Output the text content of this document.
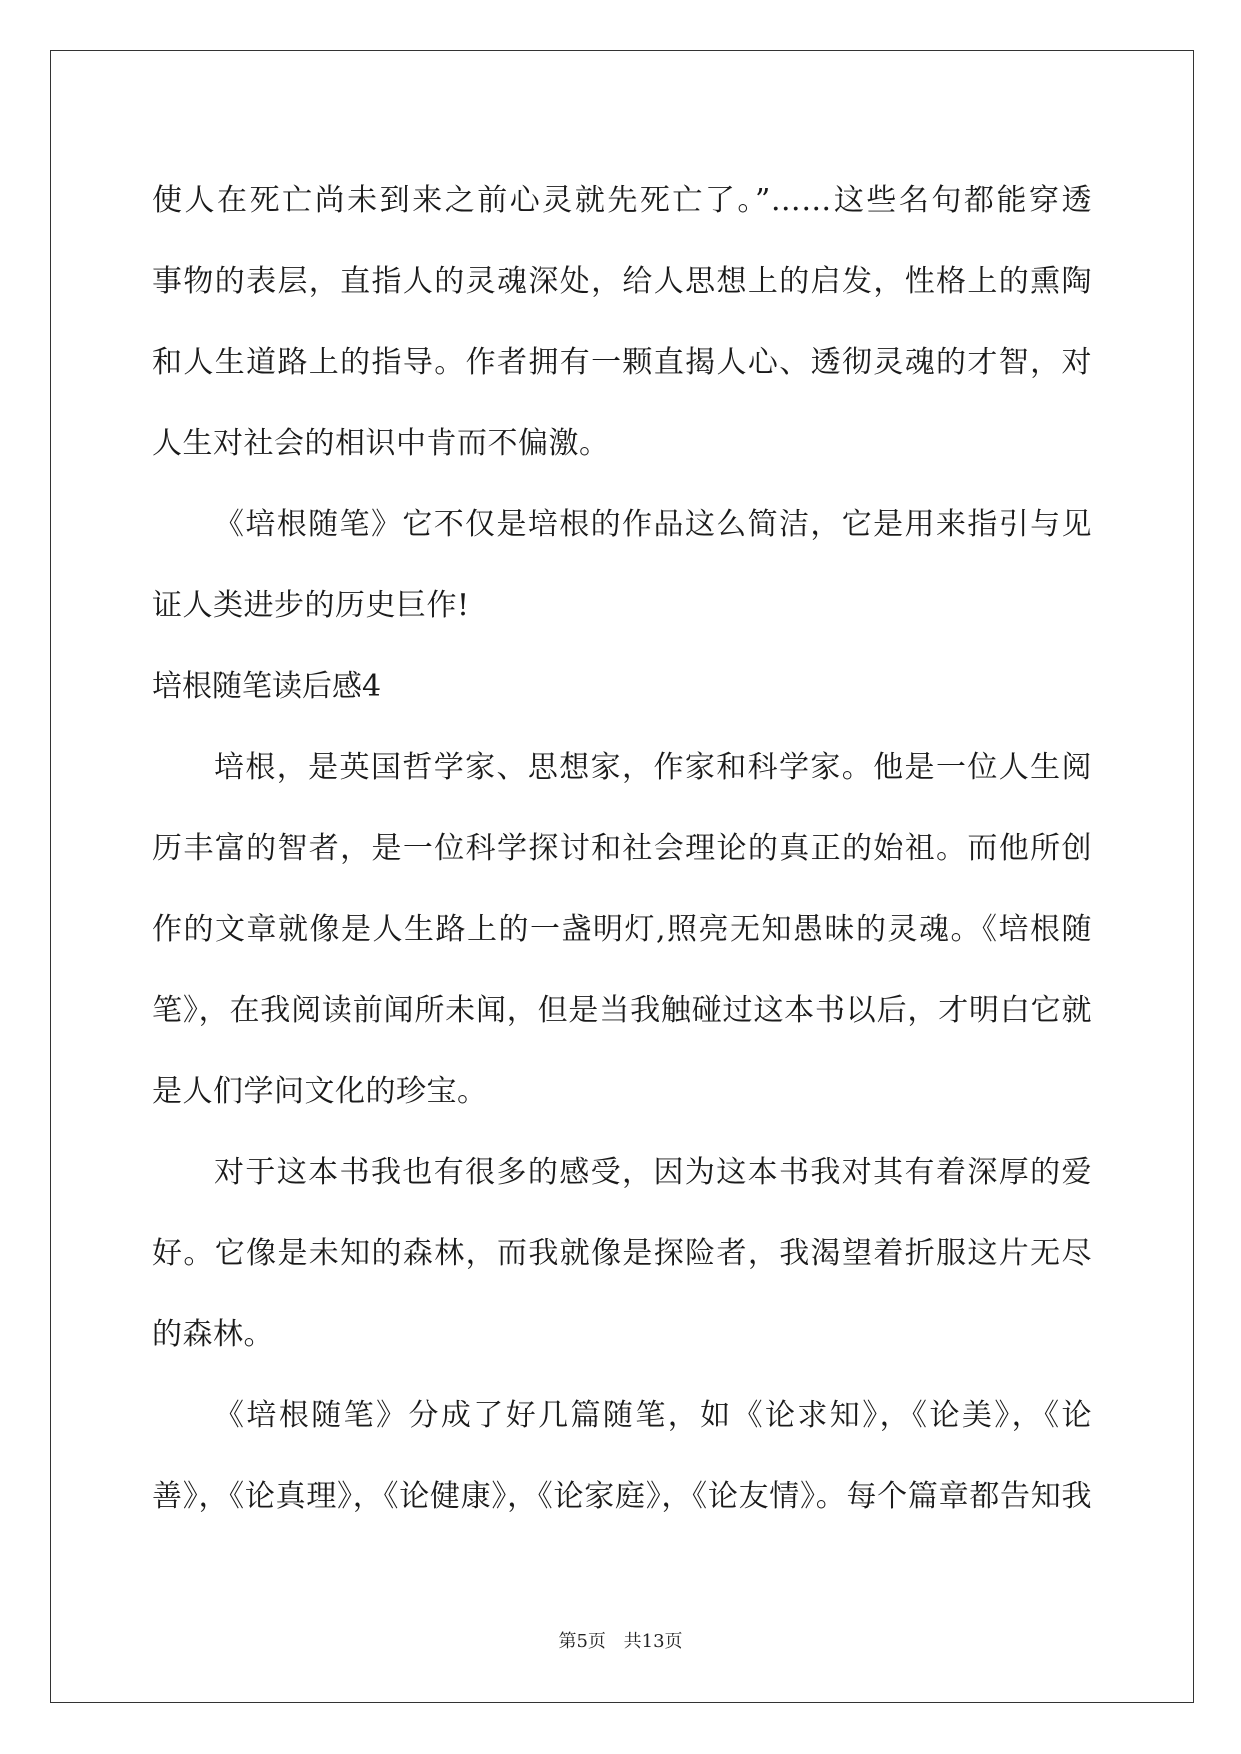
使人在死亡尚未到来之前心灵就先死亡了。”……这些名句都能穿透
事物的表层，直指人的灵魂深处，给人思想上的启发，性格上的熏陶
和人生道路上的指导。作者拥有一颗直揭人心、透彻灵魂的才智，对
人生对社会的相识中肯而不偏激。
《培根随笔》它不仅是培根的作品这么简洁，它是用来指引与见
证人类进步的历史巨作!
培根随笔读后感4
培根，是英国哲学家、思想家，作家和科学家。他是一位人生阅
历丰富的智者，是一位科学探讨和社会理论的真正的始祖。而他所创
作的文章就像是人生路上的一盏明灯,照亮无知愚昧的灵魂。《培根随
笔》，在我阅读前闻所未闻，但是当我触碰过这本书以后，才明白它就
是人们学问文化的珍宝。
对于这本书我也有很多的感受，因为这本书我对其有着深厚的爱
好。它像是未知的森林，而我就像是探险者，我渴望着折服这片无尽
的森林。
《培根随笔》分成了好几篇随笔，如《论求知》，《论美》，《论
善》，《论真理》，《论健康》，《论家庭》，《论友情》。每个篇章都告知我
第5页 共13页
